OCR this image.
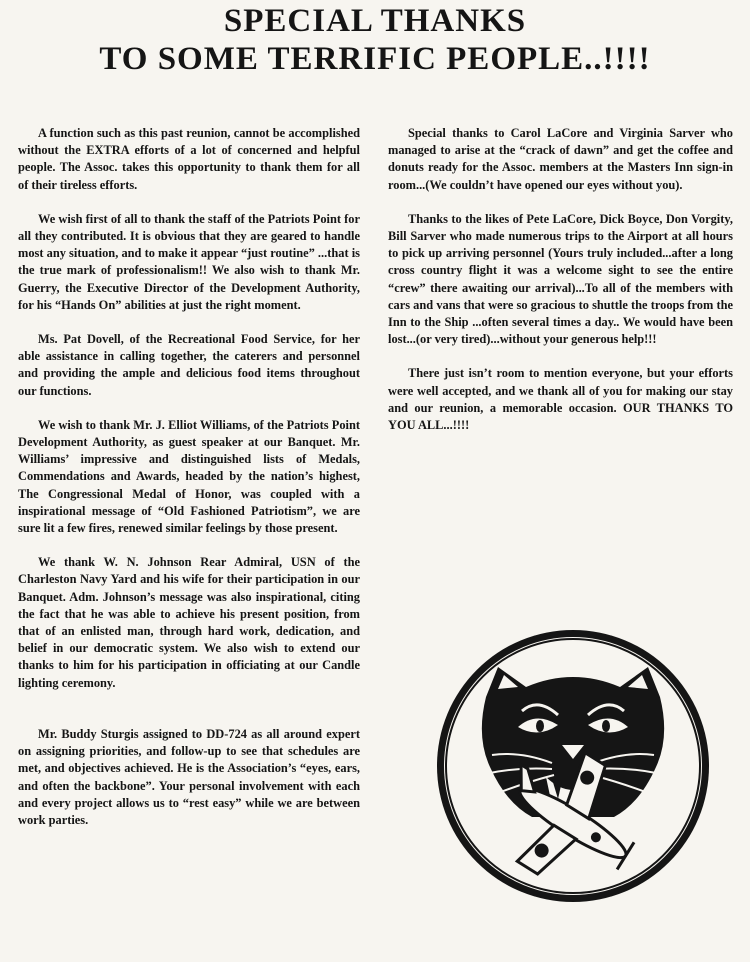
SPECIAL THANKS
TO SOME TERRIFIC PEOPLE..!!!!

A function such as this past reunion, cannot be accomplished without the EXTRA efforts of a lot of concerned and helpful people. The Assoc. takes this opportunity to thank them for all of their tireless efforts.

We wish first of all to thank the staff of the Patriots Point for all they contributed. It is obvious that they are geared to handle most any situation, and to make it appear “just routine” ...that is the true mark of professionalism!! We also wish to thank Mr. Guerry, the Executive Director of the Development Authority, for his “Hands On” abilities at just the right moment.

Ms. Pat Dovell, of the Recreational Food Service, for her able assistance in calling together, the caterers and personnel and providing the ample and delicious food items throughout our functions.

We wish to thank Mr. J. Elliot Williams, of the Patriots Point Development Authority, as guest speaker at our Banquet. Mr. Williams’ impressive and distinguished lists of Medals, Commendations and Awards, headed by the nation’s highest, The Congressional Medal of Honor, was coupled with a inspirational message of “Old Fashioned Patriotism”, we are sure lit a few fires, renewed similar feelings by those present.

We thank W. N. Johnson Rear Admiral, USN of the Charleston Navy Yard and his wife for their participation in our Banquet. Adm. Johnson’s message was also inspirational, citing the fact that he was able to achieve his present position, from that of an enlisted man, through hard work, dedication, and belief in our democratic system. We also wish to extend our thanks to him for his participation in officiating at our Candle lighting ceremony.

Mr. Buddy Sturgis assigned to DD-724 as all around expert on assigning priorities, and follow-up to see that schedules are met, and objectives achieved. He is the Association’s “eyes, ears, and often the backbone”. Your personal involvement with each and every project allows us to “rest easy” while we are between work parties.

Special thanks to Carol LaCore and Virginia Sarver who managed to arise at the “crack of dawn” and get the coffee and donuts ready for the Assoc. members at the Masters Inn sign-in room...(We couldn’t have opened our eyes without you).

Thanks to the likes of Pete LaCore, Dick Boyce, Don Vorgity, Bill Sarver who made numerous trips to the Airport at all hours to pick up arriving personnel (Yours truly included...after a long cross country flight it was a welcome sight to see the entire “crew” there awaiting our arrival)...To all of the members with cars and vans that were so gracious to shuttle the troops from the Inn to the Ship ...often several times a day.. We would have been lost...(or very tired)...without your generous help!!!

There just isn’t room to mention everyone, but your efforts were well accepted, and we thank all of you for making our stay and our reunion, a memorable occasion. OUR THANKS TO YOU ALL...!!!!
